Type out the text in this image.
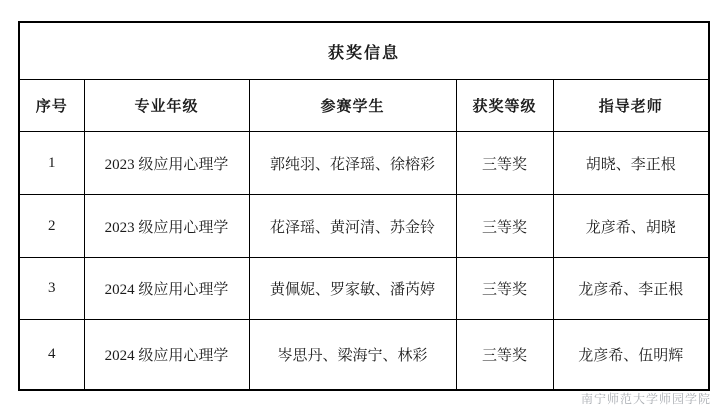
获奖信息				
序号	专业年级	参赛学生	获奖等级	指导老师
1	2023 级应用心理学	郭纯羽、花泽瑶、徐榕彩	三等奖	胡晓、李正根
2	2023 级应用心理学	花泽瑶、黄河清、苏金铃	三等奖	龙彦希、胡晓
3	2024 级应用心理学	黄佩妮、罗家敏、潘芮婷	三等奖	龙彦希、李正根
4	2024 级应用心理学	岑思丹、梁海宁、林彩	三等奖	龙彦希、伍明辉
南宁师范大学师园学院
